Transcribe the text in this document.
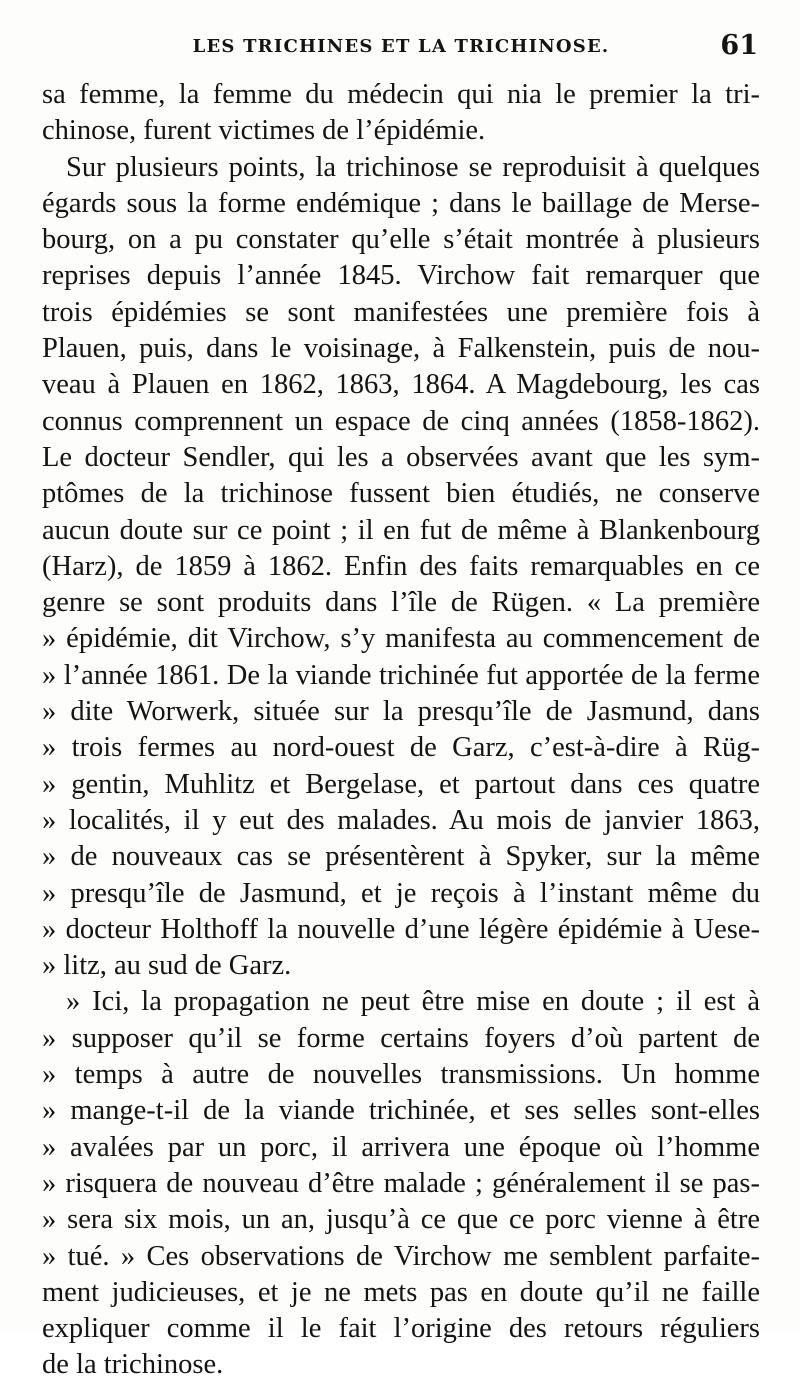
LES TRICHINES ET LA TRICHINOSE.	61
sa femme, la femme du médecin qui nia le premier la tri-
chinose, furent victimes de l’épidémie.
Sur plusieurs points, la trichinose se reproduisit à quelques
égards sous la forme endémique ; dans le baillage de Merse-
bourg, on a pu constater qu’elle s’était montrée à plusieurs
reprises depuis l’année 1845. Virchow fait remarquer que
trois épidémies se sont manifestées une première fois à
Plauen, puis, dans le voisinage, à Falkenstein, puis de nou-
veau à Plauen en 1862, 1863, 1864. A Magdebourg, les cas
connus comprennent un espace de cinq années (1858-1862).
Le docteur Sendler, qui les a observées avant que les sym-
ptômes de la trichinose fussent bien étudiés, ne conserve
aucun doute sur ce point ; il en fut de même à Blankenbourg
(Harz), de 1859 à 1862. Enfin des faits remarquables en ce
genre se sont produits dans l’île de Rügen. « La première
» épidémie, dit Virchow, s’y manifesta au commencement de
» l’année 1861. De la viande trichinée fut apportée de la ferme
» dite Worwerk, située sur la presqu’île de Jasmund, dans
» trois fermes au nord-ouest de Garz, c’est-à-dire à Rüg-
» gentin, Muhlitz et Bergelase, et partout dans ces quatre
» localités, il y eut des malades. Au mois de janvier 1863,
» de nouveaux cas se présentèrent à Spyker, sur la même
» presqu’île de Jasmund, et je reçois à l’instant même du
» docteur Holthoff la nouvelle d’une légère épidémie à Uese-
» litz, au sud de Garz.
» Ici, la propagation ne peut être mise en doute ; il est à
» supposer qu’il se forme certains foyers d’où partent de
» temps à autre de nouvelles transmissions. Un homme
» mange-t-il de la viande trichinée, et ses selles sont-elles
» avalées par un porc, il arrivera une époque où l’homme
» risquera de nouveau d’être malade ; généralement il se pas-
» sera six mois, un an, jusqu’à ce que ce porc vienne à être
» tué. » Ces observations de Virchow me semblent parfaite-
ment judicieuses, et je ne mets pas en doute qu’il ne faille
expliquer comme il le fait l’origine des retours réguliers
de la trichinose.
